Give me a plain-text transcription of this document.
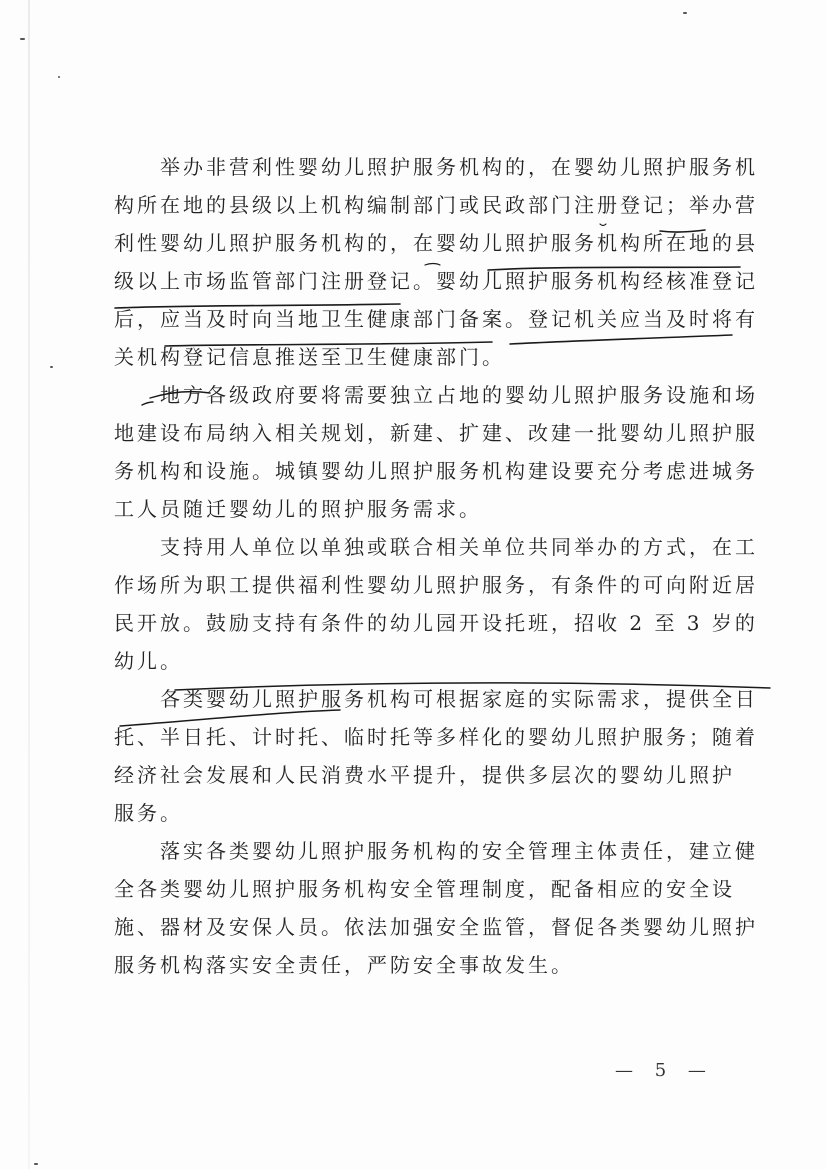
　　举办非营利性婴幼儿照护服务机构的，在婴幼儿照护服务机
构所在地的县级以上机构编制部门或民政部门注册登记；举办营
利性婴幼儿照护服务机构的，在婴幼儿照护服务机构所在地的县
级以上市场监管部门注册登记。婴幼儿照护服务机构经核准登记
后，应当及时向当地卫生健康部门备案。登记机关应当及时将有
关机构登记信息推送至卫生健康部门。
　　地方各级政府要将需要独立占地的婴幼儿照护服务设施和场
地建设布局纳入相关规划，新建、扩建、改建一批婴幼儿照护服
务机构和设施。城镇婴幼儿照护服务机构建设要充分考虑进城务
工人员随迁婴幼儿的照护服务需求。
　　支持用人单位以单独或联合相关单位共同举办的方式，在工
作场所为职工提供福利性婴幼儿照护服务，有条件的可向附近居
民开放。鼓励支持有条件的幼儿园开设托班，招收 2 至 3 岁的
幼儿。
　　各类婴幼儿照护服务机构可根据家庭的实际需求，提供全日
托、半日托、计时托、临时托等多样化的婴幼儿照护服务；随着
经济社会发展和人民消费水平提升，提供多层次的婴幼儿照护
服务。
　　落实各类婴幼儿照护服务机构的安全管理主体责任，建立健
全各类婴幼儿照护服务机构安全管理制度，配备相应的安全设
施、器材及安保人员。依法加强安全监管，督促各类婴幼儿照护
服务机构落实安全责任，严防安全事故发生。
— 5 —
